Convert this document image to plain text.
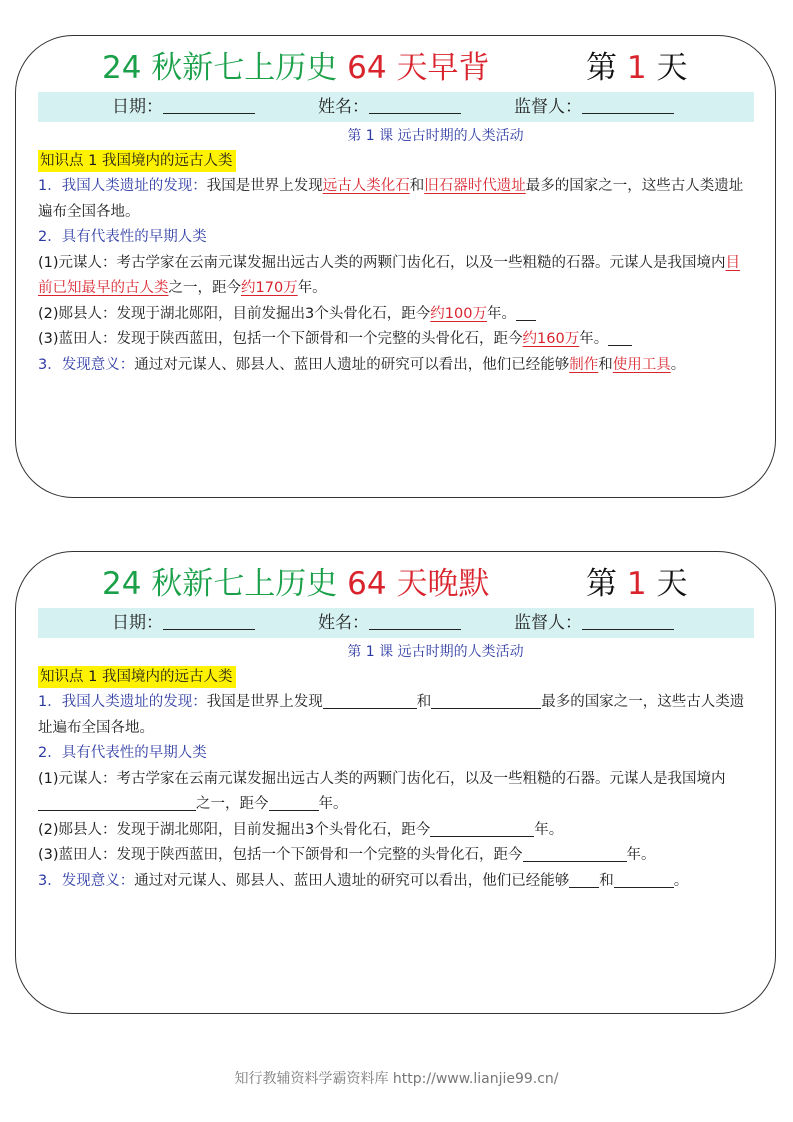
24 秋新七上历史 64 天早背	第 1 天
日期：	姓名：	监督人：
第 1 课 远古时期的人类活动
知识点 1 我国境内的远古人类

1．我国人类遗址的发现：我国是世界上发现远古人类化石和旧石器时代遗址最多的国家之一，这些古人类遗址遍布全国各地。

2．具有代表性的早期人类

(1)元谋人：考古学家在云南元谋发掘出远古人类的两颗门齿化石，以及一些粗糙的石器。元谋人是我国境内目前已知最早的古人类之一，距今约170万年。

(2)郧县人：发现于湖北郧阳，目前发掘出3个头骨化石，距今约100万年。

(3)蓝田人：发现于陕西蓝田，包括一个下颌骨和一个完整的头骨化石，距今约160万年。

3．发现意义：通过对元谋人、郧县人、蓝田人遗址的研究可以看出，他们已经能够制作和使用工具。

24 秋新七上历史 64 天晚默	第 1 天
日期：	姓名：	监督人：
第 1 课 远古时期的人类活动
知识点 1 我国境内的远古人类

1．我国人类遗址的发现：我国是世界上发现	和	最多的国家之一，这些古人类遗址遍布全国各地。

2．具有代表性的早期人类

(1)元谋人：考古学家在云南元谋发掘出远古人类的两颗门齿化石，以及一些粗糙的石器。元谋人是我国境内之一，距今	年。

(2)郧县人：发现于湖北郧阳，目前发掘出3个头骨化石，距今	年。

(3)蓝田人：发现于陕西蓝田，包括一个下颌骨和一个完整的头骨化石，距今	年。

3．发现意义：通过对元谋人、郧县人、蓝田人遗址的研究可以看出，他们已经能够 和	。

知行教辅资料学霸资料库 http://www.lianjie99.cn/
